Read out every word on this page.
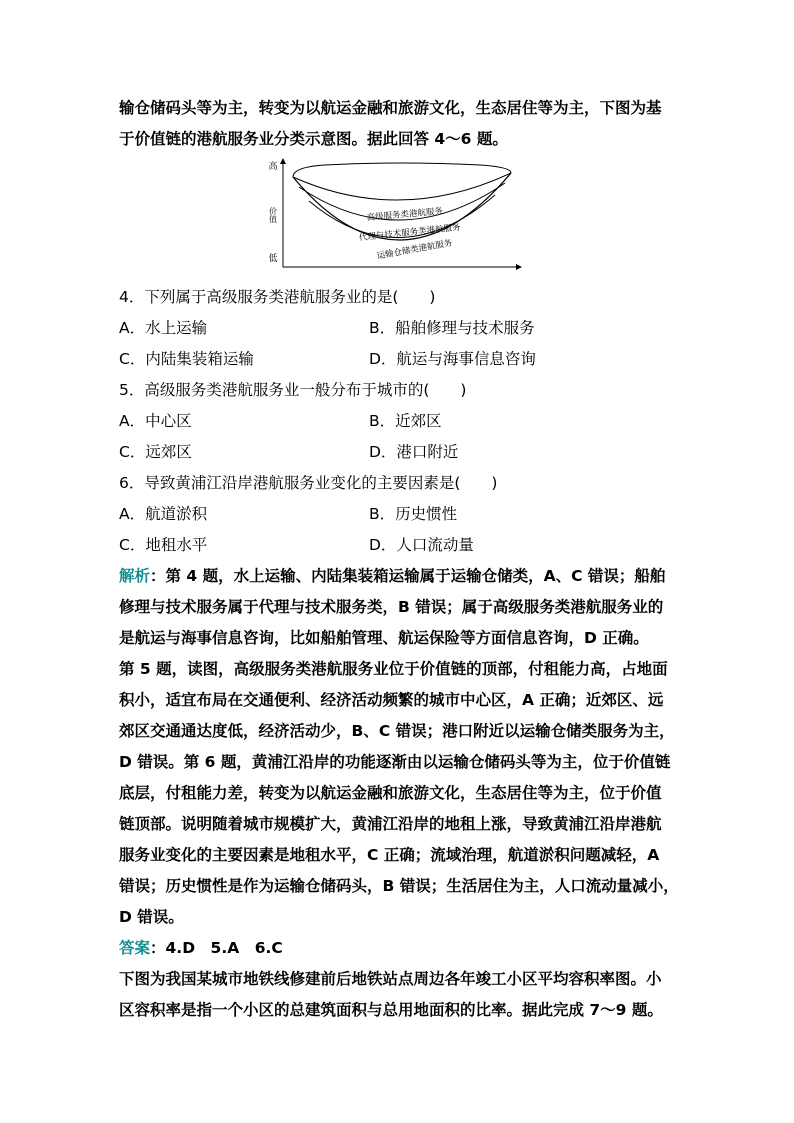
输仓储码头等为主，转变为以航运金融和旅游文化，生态居住等为主，下图为基
于价值链的港航服务业分类示意图。据此回答 4～6 题。
高
低
价值	高级服务类港航服务
代理与技术服务类港航服务
运输仓储类港航服务
4．下列属于高级服务类港航服务业的是(　　)
A．水上运输	B．船舶修理与技术服务
C．内陆集装箱运输	D．航运与海事信息咨询
5．高级服务类港航服务业一般分布于城市的(　　)
A．中心区	B．近郊区
C．远郊区	D．港口附近
6．导致黄浦江沿岸港航服务业变化的主要因素是(　　)
A．航道淤积	B．历史惯性
C．地租水平	D．人口流动量
解析：第 4 题，水上运输、内陆集装箱运输属于运输仓储类，A、C 错误；船舶
修理与技术服务属于代理与技术服务类，B 错误；属于高级服务类港航服务业的
是航运与海事信息咨询，比如船舶管理、航运保险等方面信息咨询，D 正确。
第 5 题，读图，高级服务类港航服务业位于价值链的顶部，付租能力高，占地面
积小，适宜布局在交通便利、经济活动频繁的城市中心区，A 正确；近郊区、远
郊区交通通达度低，经济活动少，B、C 错误；港口附近以运输仓储类服务为主，
D 错误。第 6 题，黄浦江沿岸的功能逐渐由以运输仓储码头等为主，位于价值链
底层，付租能力差，转变为以航运金融和旅游文化，生态居住等为主，位于价值
链顶部。说明随着城市规模扩大，黄浦江沿岸的地租上涨，导致黄浦江沿岸港航
服务业变化的主要因素是地租水平，C 正确；流域治理，航道淤积问题减轻，A
错误；历史惯性是作为运输仓储码头，B 错误；生活居住为主，人口流动量减小，
D 错误。
答案：4.D　5.A　6.C
下图为我国某城市地铁线修建前后地铁站点周边各年竣工小区平均容积率图。小
区容积率是指一个小区的总建筑面积与总用地面积的比率。据此完成 7～9 题。
